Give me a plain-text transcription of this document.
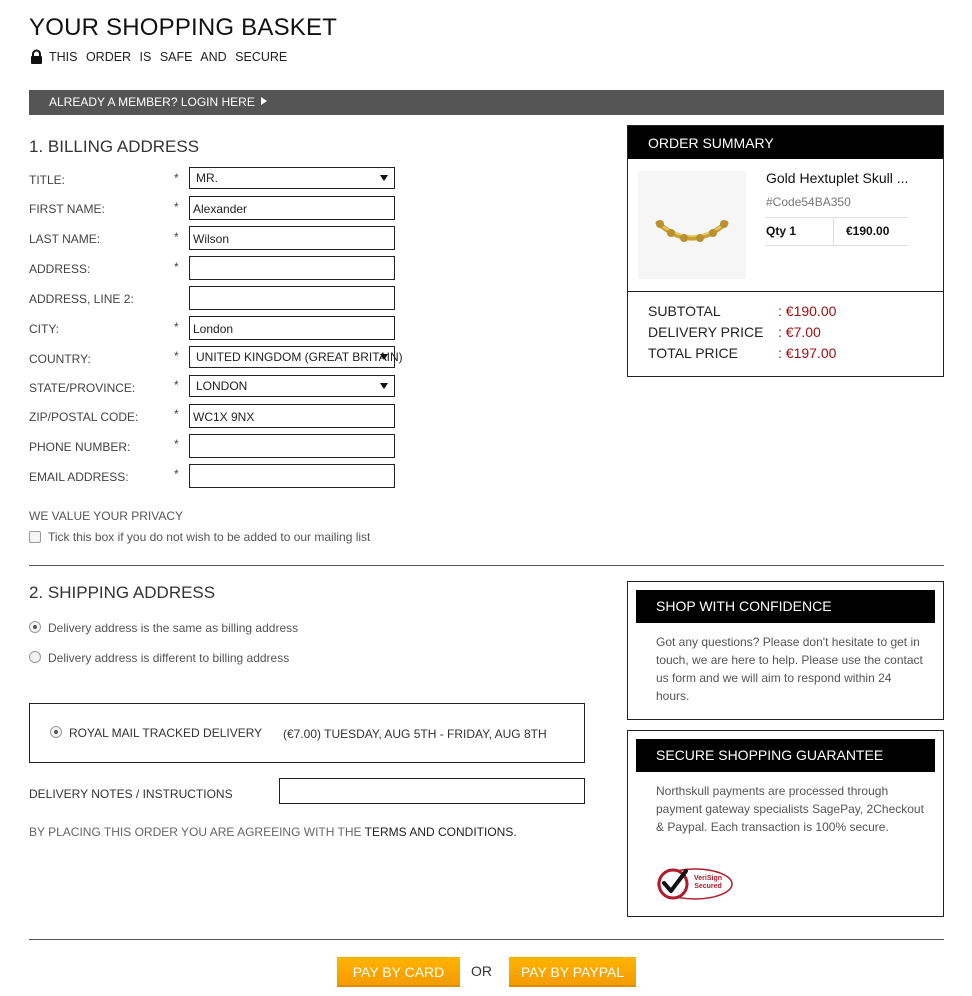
YOUR SHOPPING BASKET
THIS ORDER IS SAFE AND SECURE
ALREADY A MEMBER? LOGIN HERE
1. BILLING ADDRESS
TITLE:	* MR.
FIRST NAME:	*	Alexander
LAST NAME:	*	Wilson
ADDRESS:	*
ADDRESS, LINE 2:
CITY:	*	London
COUNTRY:	* UNITED KINGDOM (GREAT BRITAIN)
STATE/PROVINCE:	* LONDON
ZIP/POSTAL CODE:	*	WC1X 9NX
PHONE NUMBER:	*
EMAIL ADDRESS:	*
WE VALUE YOUR PRIVACY
Tick this box if you do not wish to be added to our mailing list
2. SHIPPING ADDRESS
Delivery address is the same as billing address
Delivery address is different to billing address
ROYAL MAIL TRACKED DELIVERY (€7.00) TUESDAY, AUG 5TH - FRIDAY, AUG 8TH
DELIVERY NOTES / INSTRUCTIONS
BY PLACING THIS ORDER YOU ARE AGREEING WITH THE TERMS AND CONDITIONS.
ORDER SUMMARY
Gold Hextuplet Skull ...
#Code54BA350
Qty 1	€190.00
SUBTOTAL	: €190.00
DELIVERY PRICE : €7.00
TOTAL PRICE	: €197.00
SHOP WITH CONFIDENCE
Got any questions? Please don't hesitate to get in touch, we are here to help. Please use the contact us form and we will aim to respond within 24 hours.
SECURE SHOPPING GUARANTEE
Northskull payments are processed through payment gateway specialists SagePay, 2Checkout & Paypal. Each transaction is 100% secure.
VeriSign
Secured
PAY BY CARD	OR	PAY BY PAYPAL
